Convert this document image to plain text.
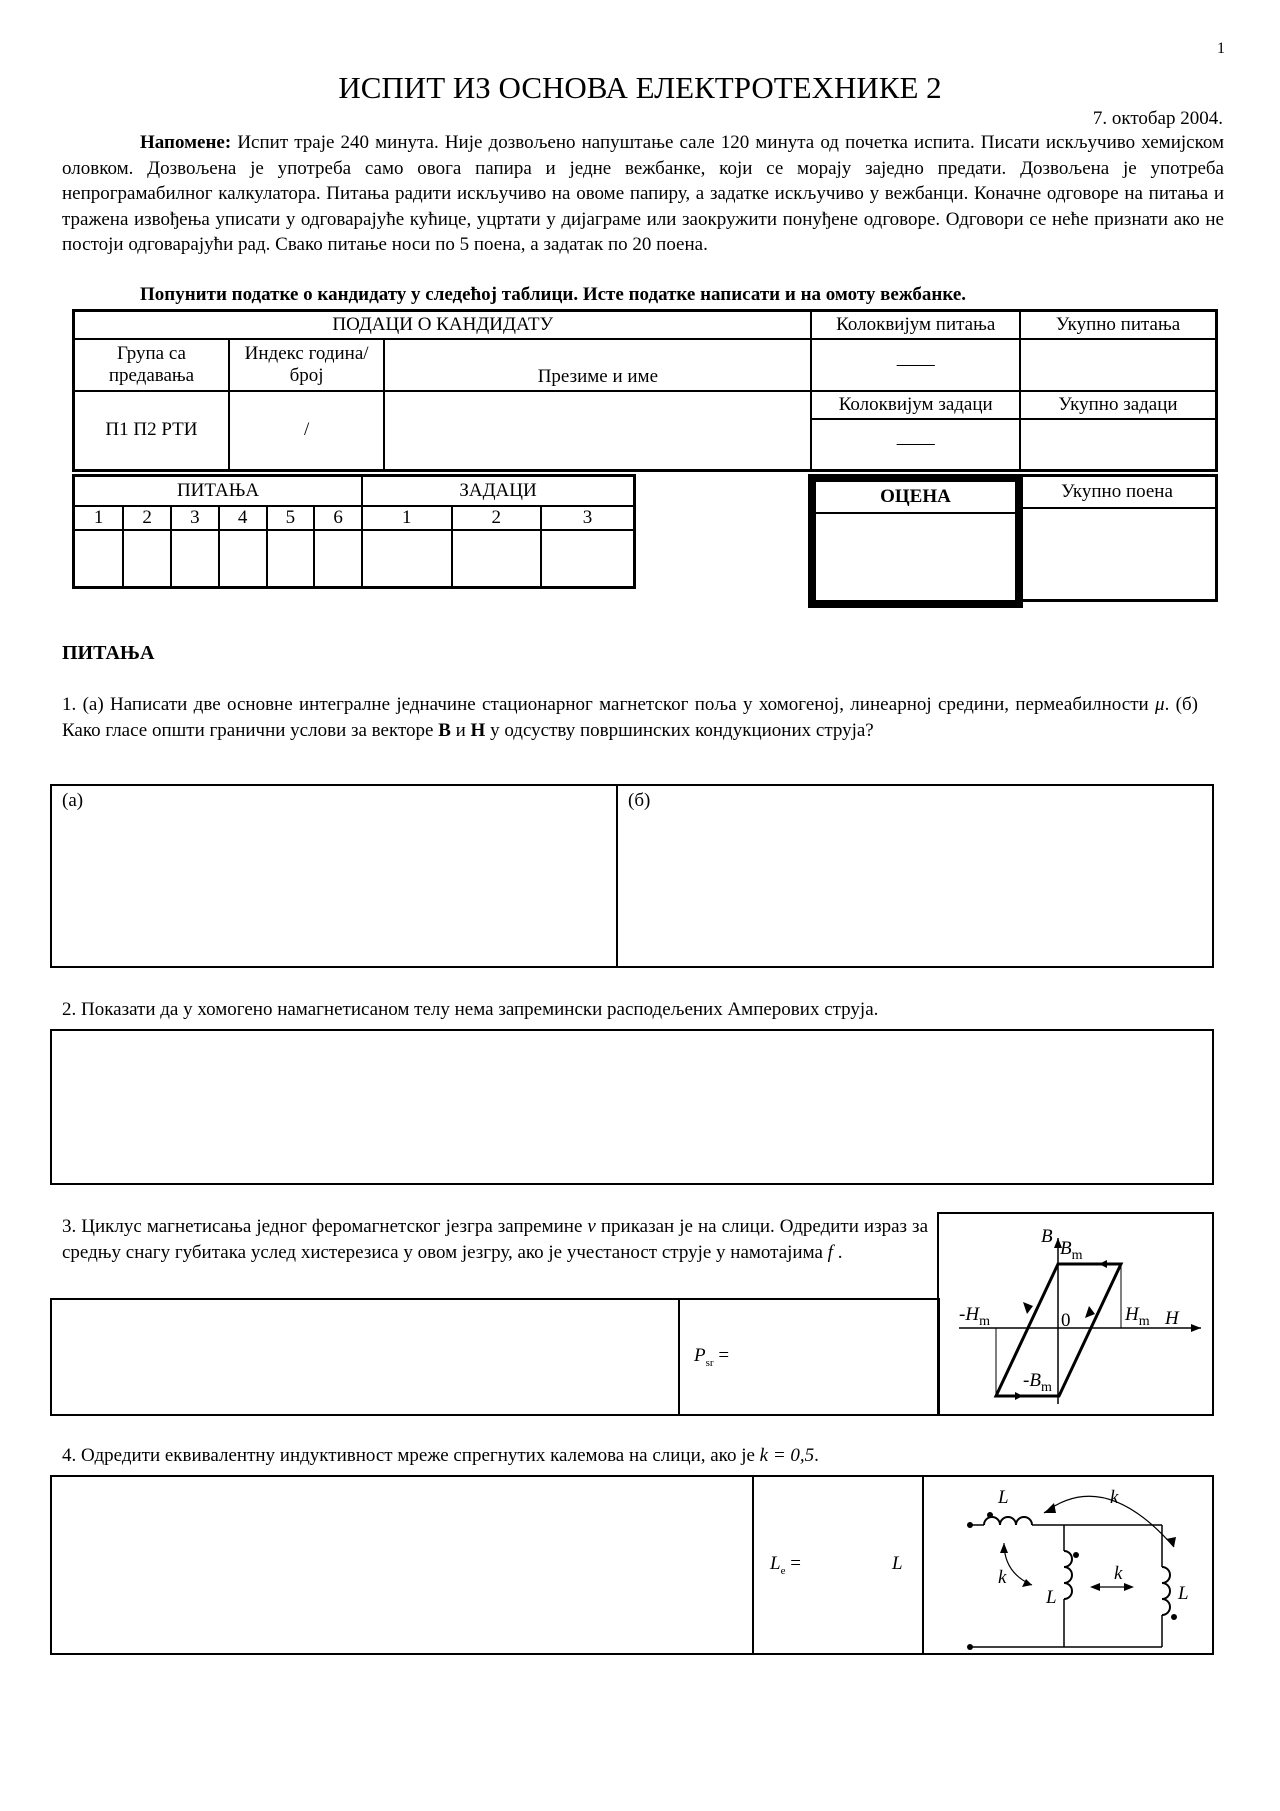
1
ИСПИТ ИЗ ОСНОВА ЕЛЕКТРОТЕХНИКЕ 2
7. октобар 2004.
Напомене: Испит траје 240 минута. Није дозвољено напуштање сале 120 минута од почетка испита. Писати искључиво хемијском оловком. Дозвољена је употреба само овога папира и једне вежбанке, који се морају заједно предати. Дозвољена је употреба непрограмабилног калкулатора. Питања радити искључиво на овоме папиру, а задатке искључиво у вежбанци. Коначне одговоре на питања и тражена извођења уписати у одговарајуће кућице, уцртати у дијаграме или заокружити понуђене одговоре. Одговори се неће признати ако не постоји одговарајући рад. Свако питање носи по 5 поена, а задатак по 20 поена.
Попунити податке о кандидату у следећој таблици. Исте податке написати и на омоту вежбанке.
ПОДАЦИ О КАНДИДАТУ			Колоквијум питања	Укупно питања
Група са предавања	Индекс година/број	Презиме и име	——	
П1 П2 РТИ	/		Колоквијум задаци	Укупно задаци
			——	
ПИТАЊА						ЗАДАЦИ		
1	2	3	4	5	6	1	2	3

ОЦЕНА	Укупно поена
ПИТАЊА
1. (а) Написати две основне интегралне једначине стационарног магнетског поља у хомогеној, линеарној средини, пермеабилности μ. (б) Како гласе општи гранични услови за векторе B и H у одсуству површинских кондукционих струја?
(а)	(б)
2. Показати да у хомогено намагнетисаном телу нема запремински расподељених Амперових струја.
3. Циклус магнетисања једног феромагнетског језгра запремине v приказан је на слици. Одредити израз за средњу снагу губитака услед хистерезиса у овом језгру, ако је учестаност струје у намотајима f .
$P_{sr}$ =
B
$B_m$
$-H_m$	0	$H_m$ H
$-B_m$
4. Одредити еквивалентну индуктивност мреже спрегнутих калемова на слици, ако је k = 0,5.
$L_e$ =	L
L	k
k
L
k
L
